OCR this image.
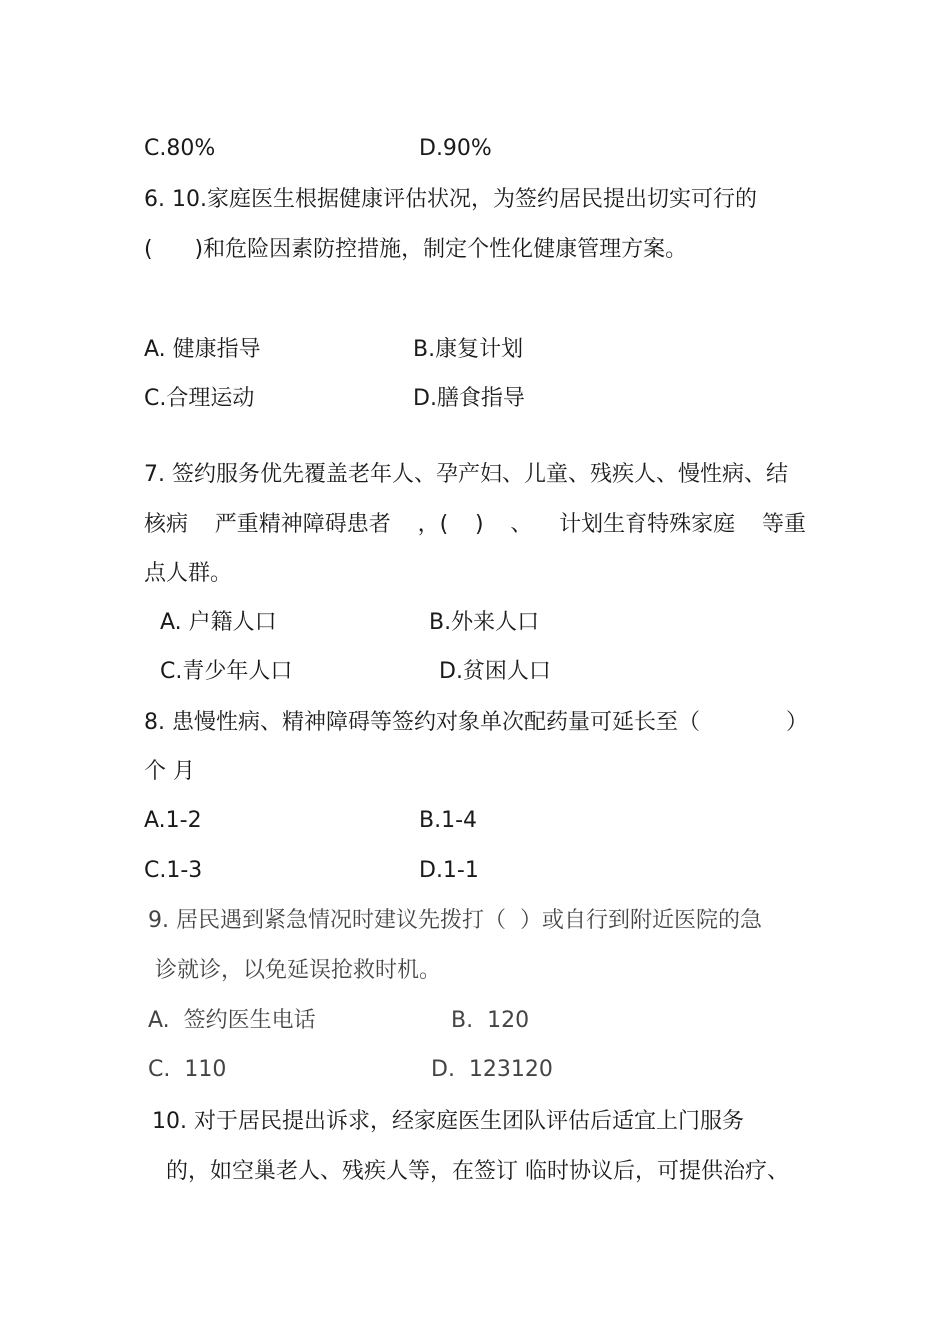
C.80%	D.90%
6. 10.家庭医生根据健康评估状况，为签约居民提出切实可行的
(      )和危险因素防控措施，制定个性化健康管理方案。
A. 健康指导	B.康复计划
C.合理运动	D.膳食指导
7. 签约服务优先覆盖老年人、孕产妇、儿童、残疾人、慢性病、结
核病 严重精神障碍患者 ，( ) 、 计划生育特殊家庭 等重
点人群。
A. 户籍人口	B.外来人口
C.青少年人口	D.贫困人口
8. 患慢性病、精神障碍等签约对象单次配药量可延长至（	）
个 月
A.1-2	B.1-4
C.1-3	D.1-1
9. 居民遇到紧急情况时建议先拨打（  ）或自行到附近医院的急
诊就诊，以免延误抢救时机。
A.  签约医生电话	B.  120
C.  110	D.  123120
10. 对于居民提出诉求，经家庭医生团队评估后适宜上门服务
的，如空巢老人、残疾人等，在签订 临时协议后，可提供治疗、
